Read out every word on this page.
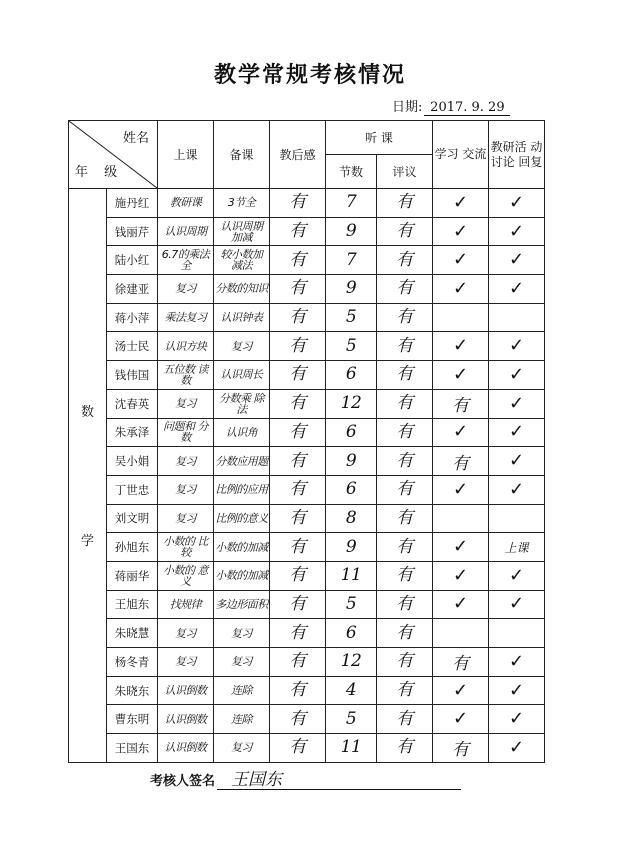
教学常规考核情况
日期: 2017. 9. 29
姓名
年 级		上课	备课	教后感	听 课		学习 交流	教研活 动讨论 回复
					节数	评议		

数
学	施丹红	教研课	3节全	有	7	有	✓	✓
	钱丽芹	认识周期	认识周期 加减	有	9	有	✓	✓
	陆小红	6.7的乘法 全	较小数加 减法	有	7	有	✓	✓
	徐建亚	复习	分数的知识	有	9	有	✓	✓
	蒋小萍	乘法复习	认识钟表	有	5	有		
	汤士民	认识方块	复习	有	5	有	✓	✓
	钱伟国	五位数 读数	认识周长	有	6	有	✓	✓
	沈春英	复习	分数乘 除法	有	12	有	有	✓
	朱承泽	问题和 分数	认识角	有	6	有	✓	✓
	吴小娟	复习	分数应用题	有	9	有	有	✓
	丁世忠	复习	比例的应用	有	6	有	✓	✓
	刘文明	复习	比例的意义	有	8	有		
	孙旭东	小数的 比较	小数的加减	有	9	有	✓	上课
	蒋丽华	小数的 意义	小数的加减	有	11	有	✓	✓
	王旭东	找规律	多边形面积	有	5	有	✓	✓
	朱晓慧	复习	复习	有	6	有		
	杨冬青	复习	复习	有	12	有	有	✓
	朱晓东	认识倒数	连除	有	4	有	✓	✓
	曹东明	认识倒数	连除	有	5	有	✓	✓
	王国东	认识倒数	复习	有	11	有	有	✓
考核人签名 王国东
